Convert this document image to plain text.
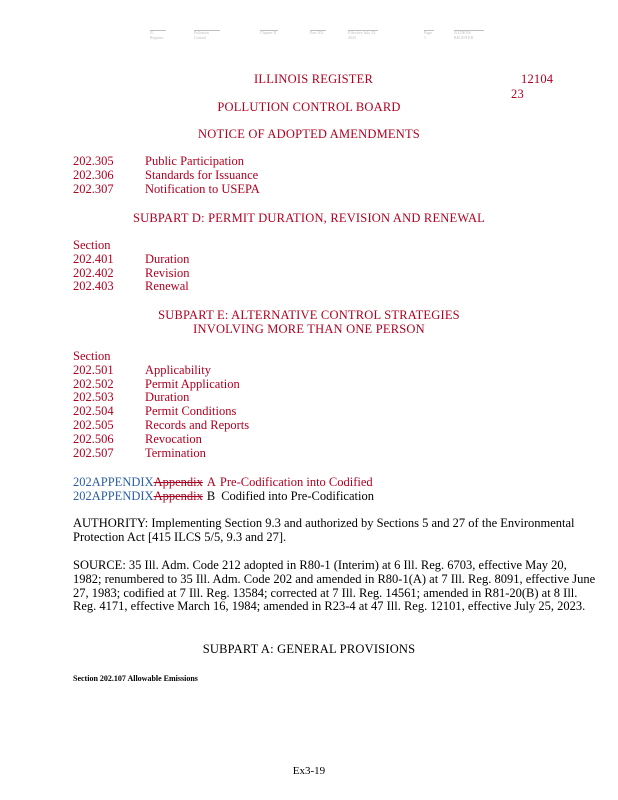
IL Register
Pollution Control
Chapter II	Part 202	Effective July 25, 2023
Page 1
ILLINOIS REGISTER
ILLINOIS REGISTER	12104
23
POLLUTION CONTROL BOARD
NOTICE OF ADOPTED AMENDMENTS
202.305	Public Participation
202.306	Standards for Issuance
202.307	Notification to USEPA
SUBPART D: PERMIT DURATION, REVISION AND RENEWAL
Section
202.401	Duration
202.402	Revision
202.403	Renewal
SUBPART E: ALTERNATIVE CONTROL STRATEGIES
INVOLVING MORE THAN ONE PERSON
Section
202.501	Applicability
202.502	Permit Application
202.503	Duration
202.504	Permit Conditions
202.505	Records and Reports
202.506	Revocation
202.507	Termination
202 APPENDIX Appendix A Pre-Codification into Codified
202 APPENDIX Appendix B Codified into Pre-Codification
AUTHORITY: Implementing Section 9.3 and authorized by Sections 5 and 27 of the Environmental Protection Act [415 ILCS 5/5, 9.3 and 27].
SOURCE: 35 Ill. Adm. Code 212 adopted in R80-1 (Interim) at 6 Ill. Reg. 6703, effective May 20, 1982; renumbered to 35 Ill. Adm. Code 202 and amended in R80-1(A) at 7 Ill. Reg. 8091, effective June 27, 1983; codified at 7 Ill. Reg. 13584; corrected at 7 Ill. Reg. 14561; amended in R81-20(B) at 8 Ill. Reg. 4171, effective March 16, 1984; amended in R23-4 at 47 Ill. Reg. 12101, effective July 25, 2023.
SUBPART A: GENERAL PROVISIONS
Section 202.107 Allowable Emissions
Ex3-19
